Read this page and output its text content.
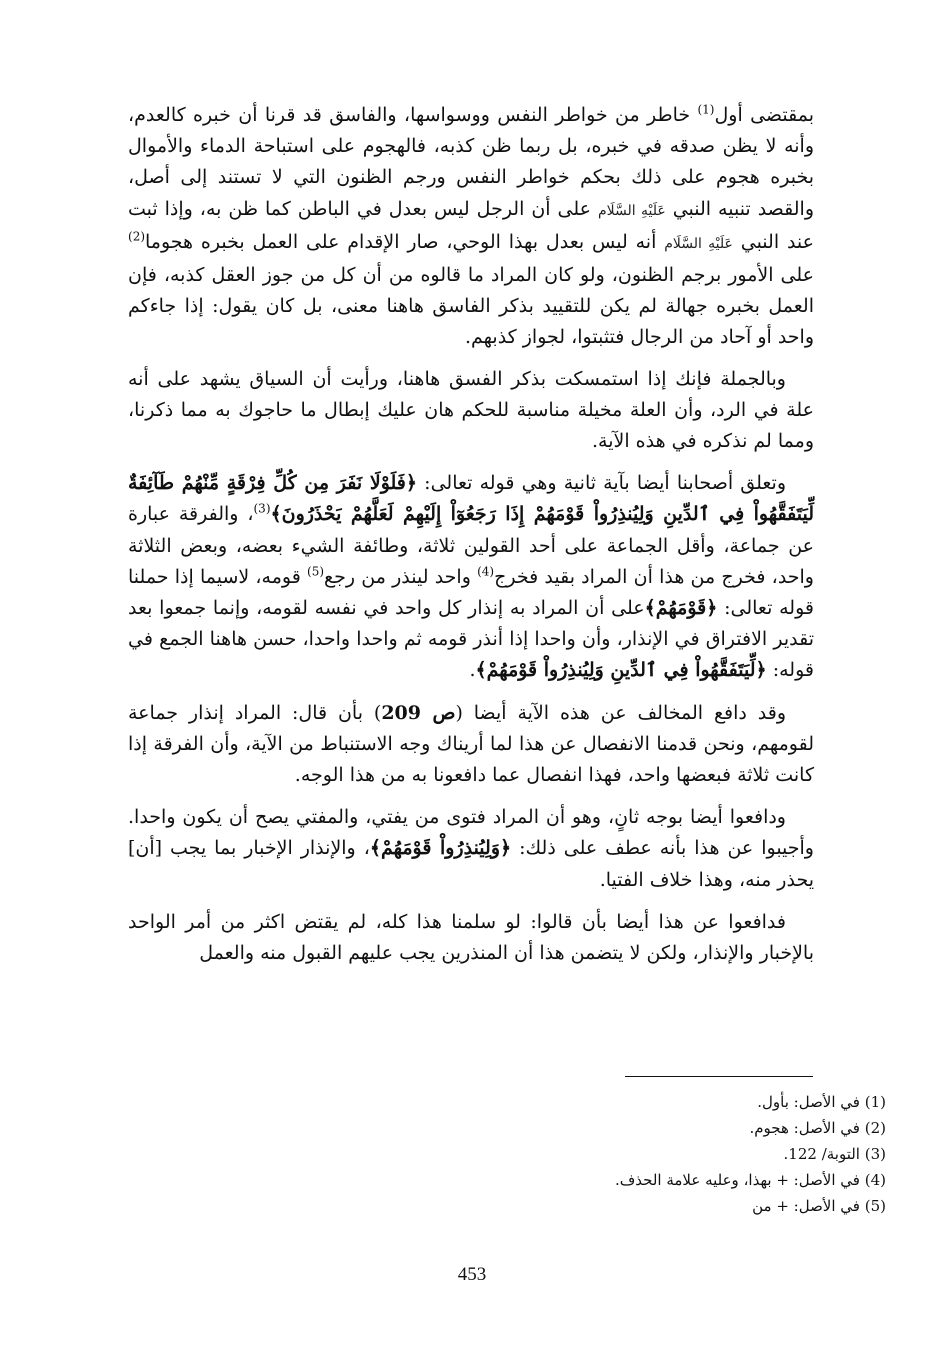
بمقتضى أول$^{(1)}$ خاطر من خواطر النفس ووسواسها، والفاسق قد قرنا أن خبره كالعدم، وأنه لا يظن صدقه في خبره، بل ربما ظن كذبه، فالهجوم على استباحة الدماء والأموال بخبره هجوم على ذلك بحكم خواطر النفس ورجم الظنون التي لا تستند إلى أصل، والقصد تنبيه النبي عَلَيْهِ السَّلَام على أن الرجل ليس بعدل في الباطن كما ظن به، وإذا ثبت عند النبي عَلَيْهِ السَّلَام أنه ليس بعدل بهذا الوحي، صار الإقدام على العمل بخبره هجوما$^{(2)}$ على الأمور برجم الظنون، ولو كان المراد ما قالوه من أن كل من جوز العقل كذبه، فإن العمل بخبره جهالة لم يكن للتقييد بذكر الفاسق هاهنا معنى، بل كان يقول: إذا جاءكم واحد أو آحاد من الرجال فتثبتوا، لجواز كذبهم.

وبالجملة فإنك إذا استمسكت بذكر الفسق هاهنا، ورأيت أن السياق يشهد على أنه علة في الرد، وأن العلة مخيلة مناسبة للحكم هان عليك إبطال ما حاجوك به مما ذكرنا، ومما لم نذكره في هذه الآية.

وتعلق أصحابنا أيضا بآية ثانية وهي قوله تعالى: ﴿فَلَوْلَا نَفَرَ مِن كُلِّ فِرْقَةٍ مِّنْهُمْ طَآئِفَةٌ لِّيَتَفَقَّهُواْ فِي ٱلدِّينِ وَلِيُنذِرُواْ قَوْمَهُمْ إِذَا رَجَعُوٓاْ إِلَيْهِمْ لَعَلَّهُمْ يَحْذَرُونَ﴾$^{(3)}$، والفرقة عبارة عن جماعة، وأقل الجماعة على أحد القولين ثلاثة، وطائفة الشيء بعضه، وبعض الثلاثة واحد، فخرج من هذا أن المراد بقيد فخرج$^{(4)}$ واحد لينذر من رجع$^{(5)}$ قومه، لاسيما إذا حملنا قوله تعالى: ﴿قَوْمَهُمْ﴾على أن المراد به إنذار كل واحد في نفسه لقومه، وإنما جمعوا بعد تقدير الافتراق في الإنذار، وأن واحدا إذا أنذر قومه ثم واحدا واحدا، حسن هاهنا الجمع في قوله: ﴿لِّيَتَفَقَّهُواْ فِي ٱلدِّينِ وَلِيُنذِرُواْ قَوْمَهُمْ﴾.

وقد دافع المخالف عن هذه الآية أيضا (ص 209) بأن قال: المراد إنذار جماعة لقومهم، ونحن قدمنا الانفصال عن هذا لما أريناك وجه الاستنباط من الآية، وأن الفرقة إذا كانت ثلاثة فبعضها واحد، فهذا انفصال عما دافعونا به من هذا الوجه.

ودافعوا أيضا بوجه ثانٍ، وهو أن المراد فتوى من يفتي، والمفتي يصح أن يكون واحدا. وأجيبوا عن هذا بأنه عطف على ذلك: ﴿وَلِيُنذِرُواْ قَوْمَهُمْ﴾، والإنذار الإخبار بما يجب [أن] يحذر منه، وهذا خلاف الفتيا.

فدافعوا عن هذا أيضا بأن قالوا: لو سلمنا هذا كله، لم يقتض اكثر من أمر الواحد بالإخبار والإنذار، ولكن لا يتضمن هذا أن المنذرين يجب عليهم القبول منه والعمل

(1) في الأصل: بأول.

(2) في الأصل: هجوم.

(3) التوبة/ 122.

(4) في الأصل: + بهذا، وعليه علامة الحذف.

(5) في الأصل: + من

453
